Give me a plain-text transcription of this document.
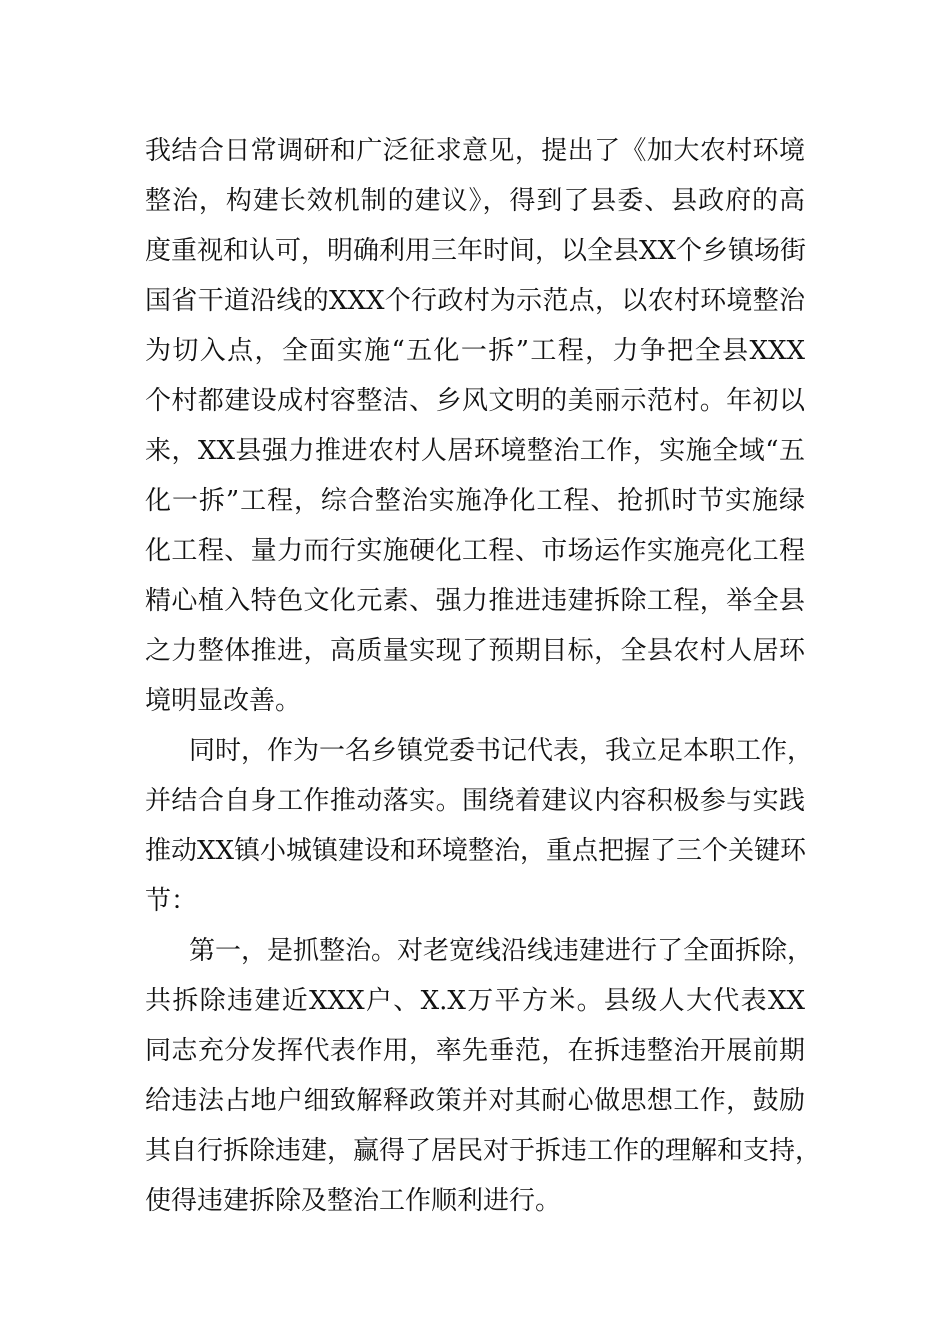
我结合日常调研和广泛征求意见，提出了《加大农村环境
整治，构建长效机制的建议》，得到了县委、县政府的高
度重视和认可，明确利用三年时间，以全县XX个乡镇场街
国省干道沿线的XXX个行政村为示范点，以农村环境整治
为切入点，全面实施“五化一拆”工程，力争把全县XXX
个村都建设成村容整洁、乡风文明的美丽示范村。年初以
来，XX县强力推进农村人居环境整治工作，实施全域“五
化一拆”工程，综合整治实施净化工程、抢抓时节实施绿
化工程、量力而行实施硬化工程、市场运作实施亮化工程
精心植入特色文化元素、强力推进违建拆除工程，举全县
之力整体推进，高质量实现了预期目标，全县农村人居环
境明显改善。
同时，作为一名乡镇党委书记代表，我立足本职工作，
并结合自身工作推动落实。围绕着建议内容积极参与实践
推动XX镇小城镇建设和环境整治，重点把握了三个关键环
节：
第一，是抓整治。对老宽线沿线违建进行了全面拆除，
共拆除违建近XXX户、X.X万平方米。县级人大代表XX
同志充分发挥代表作用，率先垂范，在拆违整治开展前期
给违法占地户细致解释政策并对其耐心做思想工作，鼓励
其自行拆除违建，赢得了居民对于拆违工作的理解和支持，
使得违建拆除及整治工作顺利进行。
